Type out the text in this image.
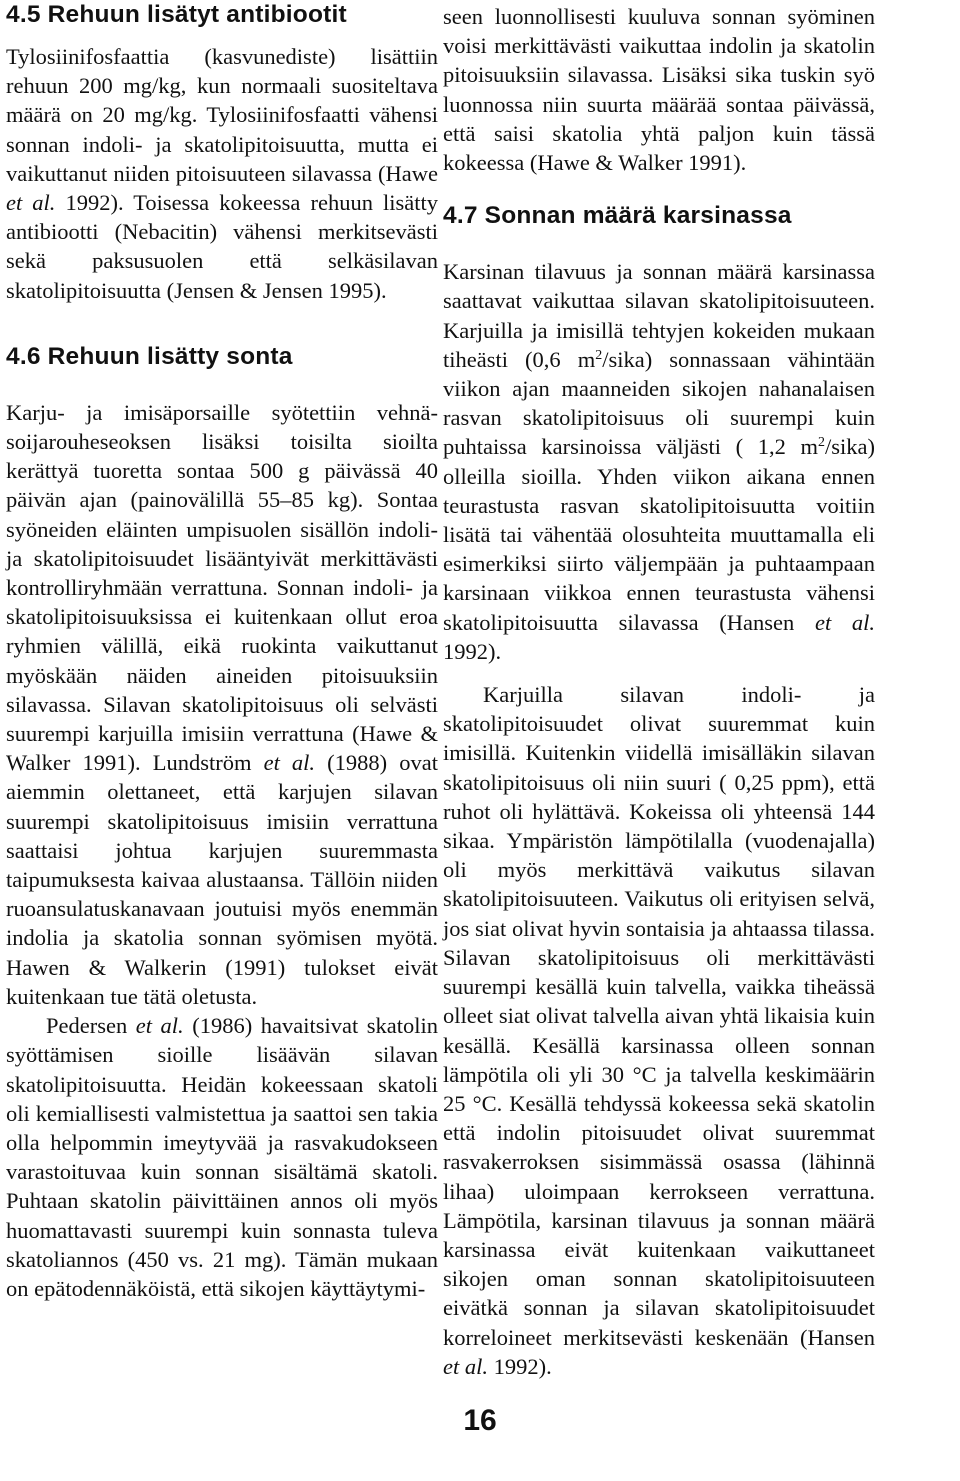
4.5 Rehuun lisätyt antibiootit

Tylosiinifosfaattia (kasvunediste) lisättiin rehuun 200 mg/kg, kun normaali suositeltava määrä on 20 mg/kg. Tylosiinifosfaatti vähensi sonnan indoli- ja skatolipitoisuutta, mutta ei vaikuttanut niiden pitoisuuteen silavassa (Hawe et al. 1992). Toisessa kokeessa rehuun lisätty antibiootti (Nebacitin) vähensi merkitsevästi sekä paksusuolen että selkäsilavan skatolipitoisuutta (Jensen & Jensen 1995).

4.6 Rehuun lisätty sonta

Karju- ja imisäporsaille syötettiin vehnä-soijarouheseoksen lisäksi toisilta sioilta kerättyä tuoretta sontaa 500 g päivässä 40 päivän ajan (painovälillä 55–85 kg). Sontaa syöneiden eläinten umpisuolen sisällön indoli- ja skatolipitoisuudet lisääntyivät merkittävästi kontrolliryhmään verrattuna. Sonnan indoli- ja skatolipitoisuuksissa ei kuitenkaan ollut eroa ryhmien välillä, eikä ruokinta vaikuttanut myöskään näiden aineiden pitoisuuksiin silavassa. Silavan skatolipitoisuus oli selvästi suurempi karjuilla imisiin verrattuna (Hawe & Walker 1991). Lundström et al. (1988) ovat aiemmin olettaneet, että karjujen silavan suurempi skatolipitoisuus imisiin verrattuna saattaisi johtua karjujen suuremmasta taipumuksesta kaivaa alustaansa. Tällöin niiden ruoansulatuskanavaan joutuisi myös enemmän indolia ja skatolia sonnan syömisen myötä. Hawen & Walkerin (1991) tulokset eivät kuitenkaan tue tätä oletusta.

Pedersen et al. (1986) havaitsivat skatolin syöttämisen sioille lisäävän silavan skatolipitoisuutta. Heidän kokeessaan skatoli oli kemiallisesti valmistettua ja saattoi sen takia olla helpommin imeytyvää ja rasvakudokseen varastoituvaa kuin sonnan sisältämä skatoli. Puhtaan skatolin päivittäinen annos oli myös huomattavasti suurempi kuin sonnasta tuleva skatoliannos (450 vs. 21 mg). Tämän mukaan on epätodennäköistä, että sikojen käyttäytymi-

seen luonnollisesti kuuluva sonnan syöminen voisi merkittävästi vaikuttaa indolin ja skatolin pitoisuuksiin silavassa. Lisäksi sika tuskin syö luonnossa niin suurta määrää sontaa päivässä, että saisi skatolia yhtä paljon kuin tässä kokeessa (Hawe & Walker 1991).

4.7 Sonnan määrä karsinassa

Karsinan tilavuus ja sonnan määrä karsinassa saattavat vaikuttaa silavan skatolipitoisuuteen. Karjuilla ja imisillä tehtyjen kokeiden mukaan tiheästi (0,6 $m^2/sika$) sonnassaan vähintään viikon ajan maanneiden sikojen nahanalaisen rasvan skatolipitoisuus oli suurempi kuin puhtaissa karsinoissa väljästi ( 1,2 $m^2/sika$) olleilla sioilla. Yhden viikon aikana ennen teurastusta rasvan skatolipitoisuutta voitiin lisätä tai vähentää olosuhteita muuttamalla eli esimerkiksi siirto väljempään ja puhtaampaan karsinaan viikkoa ennen teurastusta vähensi skatolipitoisuutta silavassa (Hansen et al. 1992).

Karjuilla silavan indoli- ja skatolipitoisuudet olivat suuremmat kuin imisillä. Kuitenkin viidellä imisälläkin silavan skatolipitoisuus oli niin suuri ( 0,25 ppm), että ruhot oli hylättävä. Kokeissa oli yhteensä 144 sikaa. Ympäristön lämpötilalla (vuodenajalla) oli myös merkittävä vaikutus silavan skatolipitoisuuteen. Vaikutus oli erityisen selvä, jos siat olivat hyvin sontaisia ja ahtaassa tilassa. Silavan skatolipitoisuus oli merkittävästi suurempi kesällä kuin talvella, vaikka tiheässä olleet siat olivat talvella aivan yhtä likaisia kuin kesällä. Kesällä karsinassa olleen sonnan lämpötila oli yli 30 °C ja talvella keskimäärin 25 °C. Kesällä tehdyssä kokeessa sekä skatolin että indolin pitoisuudet olivat suuremmat rasvakerroksen sisimmässä osassa (lähinnä lihaa) uloimpaan kerrokseen verrattuna. Lämpötila, karsinan tilavuus ja sonnan määrä karsinassa eivät kuitenkaan vaikuttaneet sikojen oman sonnan skatolipitoisuuteen eivätkä sonnan ja silavan skatolipitoisuudet korreloineet merkitsevästi keskenään (Hansen et al. 1992).

16
